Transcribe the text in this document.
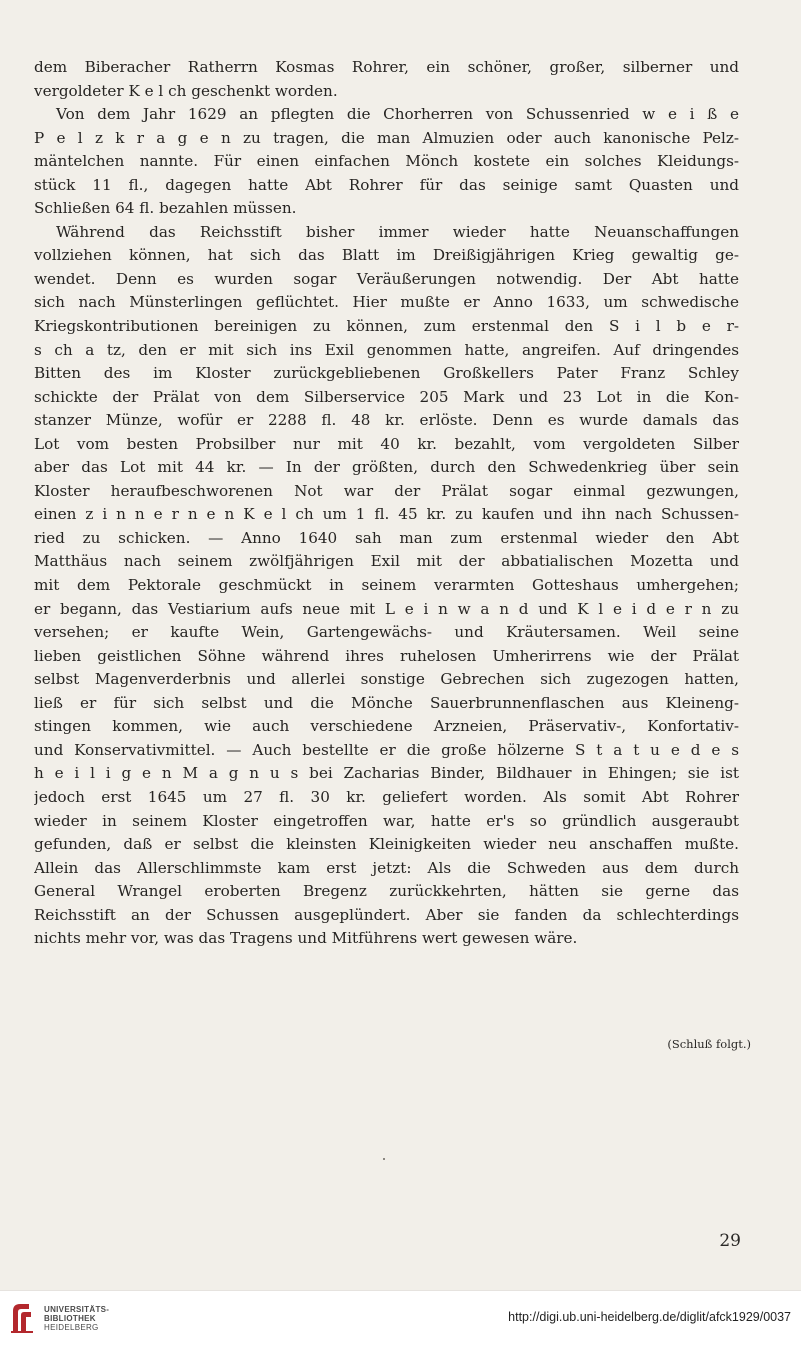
dem Biberacher Ratherrn Kosmas Rohrer, ein schöner, großer, silberner und
vergoldeter K e l ch geschenkt worden.
Von dem Jahr 1629 an pflegten die Chorherren von Schussenried w e i ß e
P e l z k r a g e n zu tragen, die man Almuzien oder auch kanonische Pelz-
mäntelchen nannte. Für einen einfachen Mönch kostete ein solches Kleidungs-
stück 11 fl., dagegen hatte Abt Rohrer für das seinige samt Quasten und
Schließen 64 fl. bezahlen müssen.
Während das Reichsstift bisher immer wieder hatte Neuanschaffungen
vollziehen können, hat sich das Blatt im Dreißigjährigen Krieg gewaltig ge-
wendet. Denn es wurden sogar Veräußerungen notwendig. Der Abt hatte
sich nach Münsterlingen geflüchtet. Hier mußte er Anno 1633, um schwedische
Kriegskontributionen bereinigen zu können, zum erstenmal den S i l b e r-
s ch a tz, den er mit sich ins Exil genommen hatte, angreifen. Auf dringendes
Bitten des im Kloster zurückgebliebenen Großkellers Pater Franz Schley
schickte der Prälat von dem Silberservice 205 Mark und 23 Lot in die Kon-
stanzer Münze, wofür er 2288 fl. 48 kr. erlöste. Denn es wurde damals das
Lot vom besten Probsilber nur mit 40 kr. bezahlt, vom vergoldeten Silber
aber das Lot mit 44 kr. — In der größten, durch den Schwedenkrieg über sein
Kloster heraufbeschworenen Not war der Prälat sogar einmal gezwungen,
einen z i n n e r n e n K e l ch um 1 fl. 45 kr. zu kaufen und ihn nach Schussen-
ried zu schicken. — Anno 1640 sah man zum erstenmal wieder den Abt
Matthäus nach seinem zwölfjährigen Exil mit der abbatialischen Mozetta und
mit dem Pektorale geschmückt in seinem verarmten Gotteshaus umhergehen;
er begann, das Vestiarium aufs neue mit L e i n w a n d und K l e i d e r n zu
versehen; er kaufte Wein, Gartengewächs- und Kräutersamen. Weil seine
lieben geistlichen Söhne während ihres ruhelosen Umherirrens wie der Prälat
selbst Magenverderbnis und allerlei sonstige Gebrechen sich zugezogen hatten,
ließ er für sich selbst und die Mönche Sauerbrunnenflaschen aus Kleineng-
stingen kommen, wie auch verschiedene Arzneien, Präservativ-, Konfortativ-
und Konservativmittel. — Auch bestellte er die große hölzerne S t a t u e d e s
h e i l i g e n M a g n u s bei Zacharias Binder, Bildhauer in Ehingen; sie ist
jedoch erst 1645 um 27 fl. 30 kr. geliefert worden. Als somit Abt Rohrer
wieder in seinem Kloster eingetroffen war, hatte er's so gründlich ausgeraubt
gefunden, daß er selbst die kleinsten Kleinigkeiten wieder neu anschaffen mußte.
Allein das Allerschlimmste kam erst jetzt: Als die Schweden aus dem durch
General Wrangel eroberten Bregenz zurückkehrten, hätten sie gerne das
Reichsstift an der Schussen ausgeplündert. Aber sie fanden da schlechterdings
nichts mehr vor, was das Tragens und Mitführens wert gewesen wäre.
(Schluß folgt.)
29
UNIVERSITÄTS-
BIBLIOTHEK
HEIDELBERG
http://digi.ub.uni-heidelberg.de/diglit/afck1929/0037
